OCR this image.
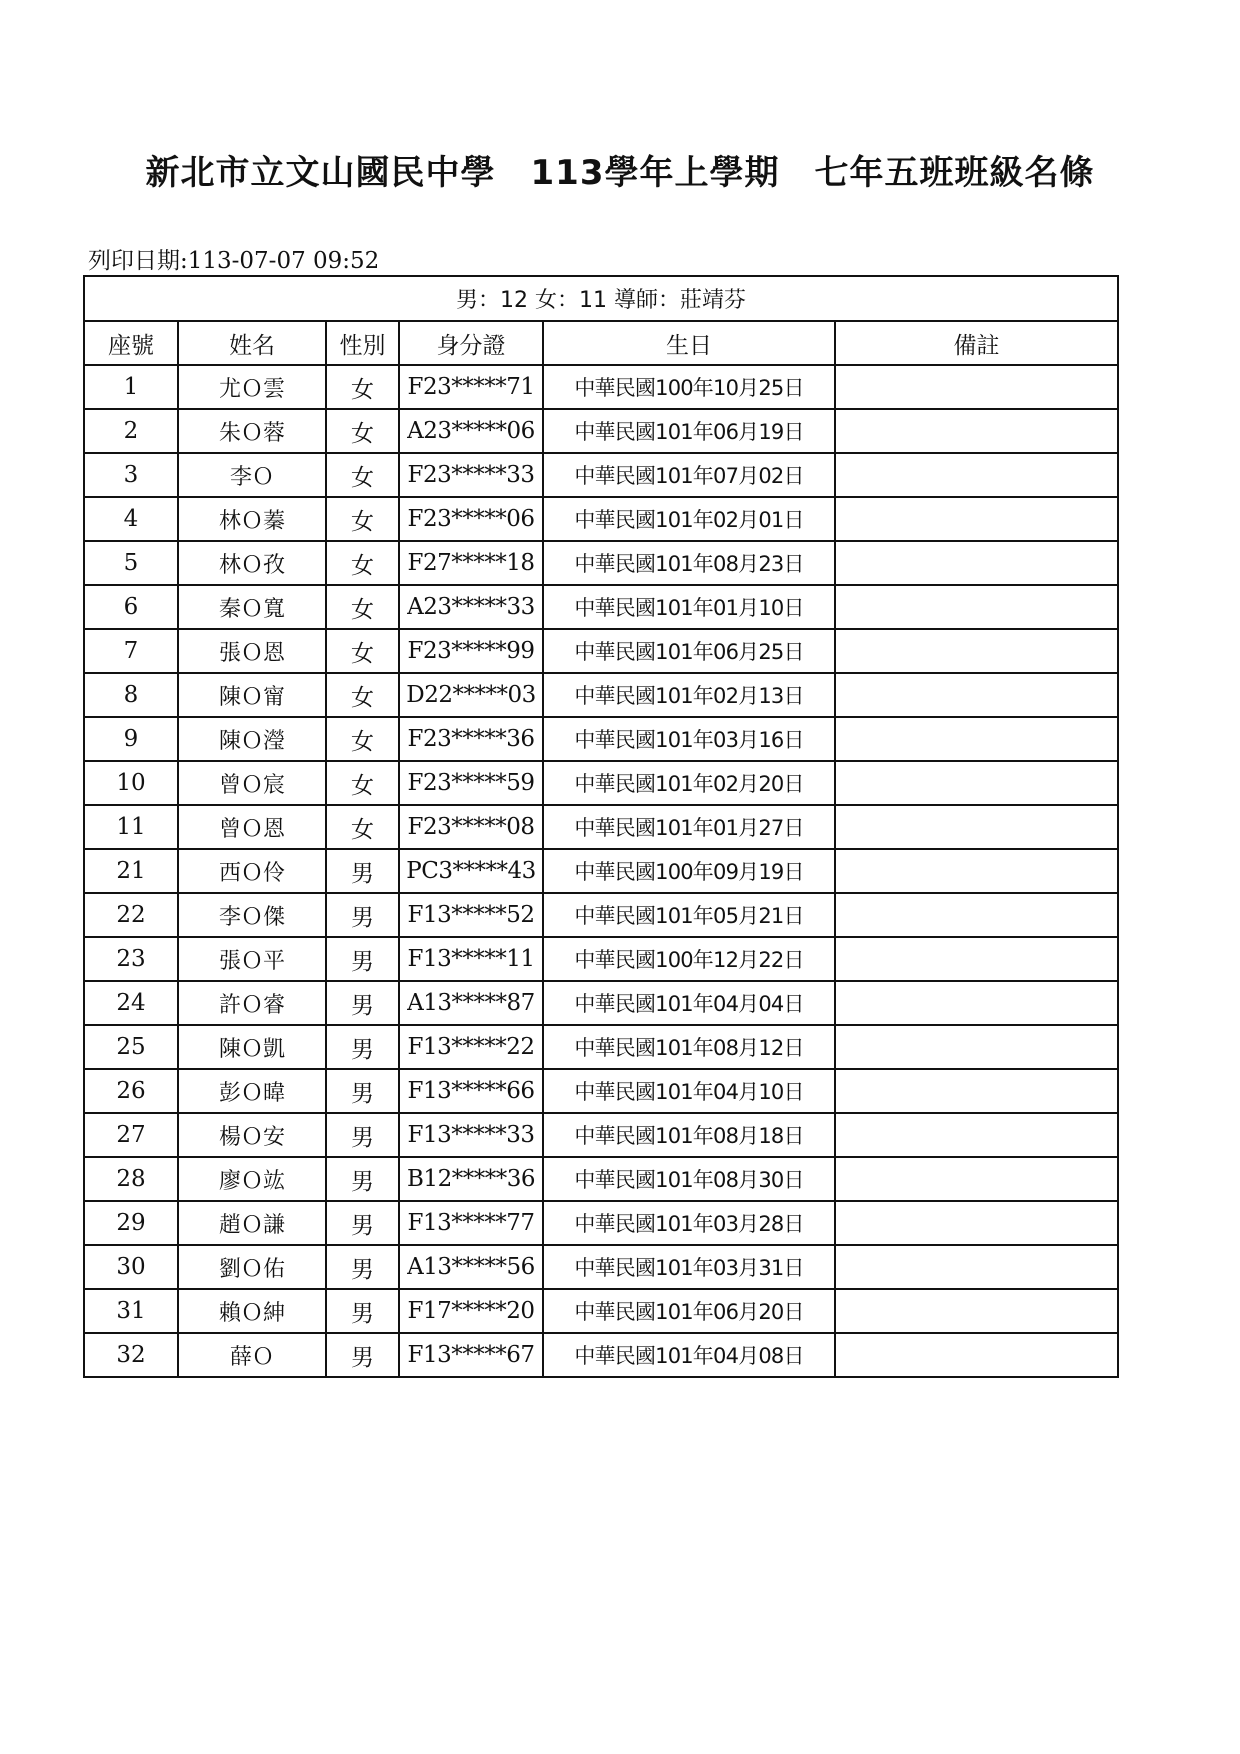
新北市立文山國民中學　113學年上學期　七年五班班級名條
列印日期:113-07-07 09:52
男：12 女：11 導師：莊靖芬					
座號	姓名	性別	身分證	生日	備註
1	尤Ｏ雲	女	F23*****71	中華民國100年10月25日	
2	朱Ｏ蓉	女	A23*****06	中華民國101年06月19日	
3	李Ｏ	女	F23*****33	中華民國101年07月02日	
4	林Ｏ蓁	女	F23*****06	中華民國101年02月01日	
5	林Ｏ孜	女	F27*****18	中華民國101年08月23日	
6	秦Ｏ寬	女	A23*****33	中華民國101年01月10日	
7	張Ｏ恩	女	F23*****99	中華民國101年06月25日	
8	陳Ｏ甯	女	D22*****03	中華民國101年02月13日	
9	陳Ｏ瀅	女	F23*****36	中華民國101年03月16日	
10	曾Ｏ宸	女	F23*****59	中華民國101年02月20日	
11	曾Ｏ恩	女	F23*****08	中華民國101年01月27日	
21	西Ｏ伶	男	PC3*****43	中華民國100年09月19日	
22	李Ｏ傑	男	F13*****52	中華民國101年05月21日	
23	張Ｏ平	男	F13*****11	中華民國100年12月22日	
24	許Ｏ睿	男	A13*****87	中華民國101年04月04日	
25	陳Ｏ凱	男	F13*****22	中華民國101年08月12日	
26	彭Ｏ暐	男	F13*****66	中華民國101年04月10日	
27	楊Ｏ安	男	F13*****33	中華民國101年08月18日	
28	廖Ｏ竑	男	B12*****36	中華民國101年08月30日	
29	趙Ｏ謙	男	F13*****77	中華民國101年03月28日	
30	劉Ｏ佑	男	A13*****56	中華民國101年03月31日	
31	賴Ｏ紳	男	F17*****20	中華民國101年06月20日	
32	薛Ｏ	男	F13*****67	中華民國101年04月08日	
